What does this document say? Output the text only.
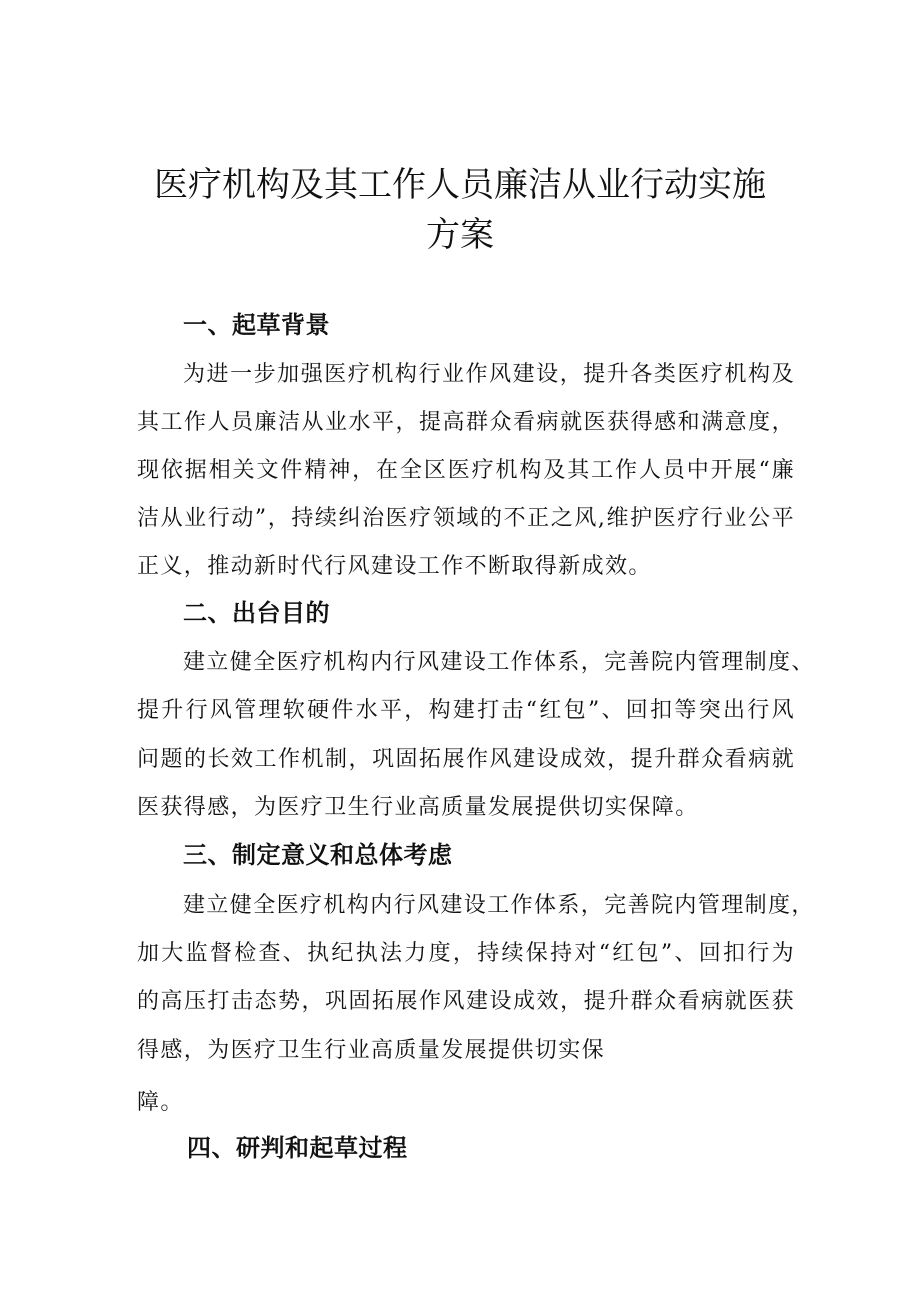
医疗机构及其工作人员廉洁从业行动实施
方案
一、起草背景
为进一步加强医疗机构行业作风建设，提升各类医疗机构及
其工作人员廉洁从业水平，提高群众看病就医获得感和满意度，
现依据相关文件精神，在全区医疗机构及其工作人员中开展“廉
洁从业行动”，持续纠治医疗领域的不正之风,维护医疗行业公平
正义，推动新时代行风建设工作不断取得新成效。
二、出台目的
建立健全医疗机构内行风建设工作体系，完善院内管理制度、
提升行风管理软硬件水平，构建打击“红包”、回扣等突出行风
问题的长效工作机制，巩固拓展作风建设成效，提升群众看病就
医获得感，为医疗卫生行业高质量发展提供切实保障。
三、制定意义和总体考虑
建立健全医疗机构内行风建设工作体系，完善院内管理制度，
加大监督检查、执纪执法力度，持续保持对“红包”、回扣行为
的高压打击态势，巩固拓展作风建设成效，提升群众看病就医获
得感，为医疗卫生行业高质量发展提供切实保
障。
四、研判和起草过程
